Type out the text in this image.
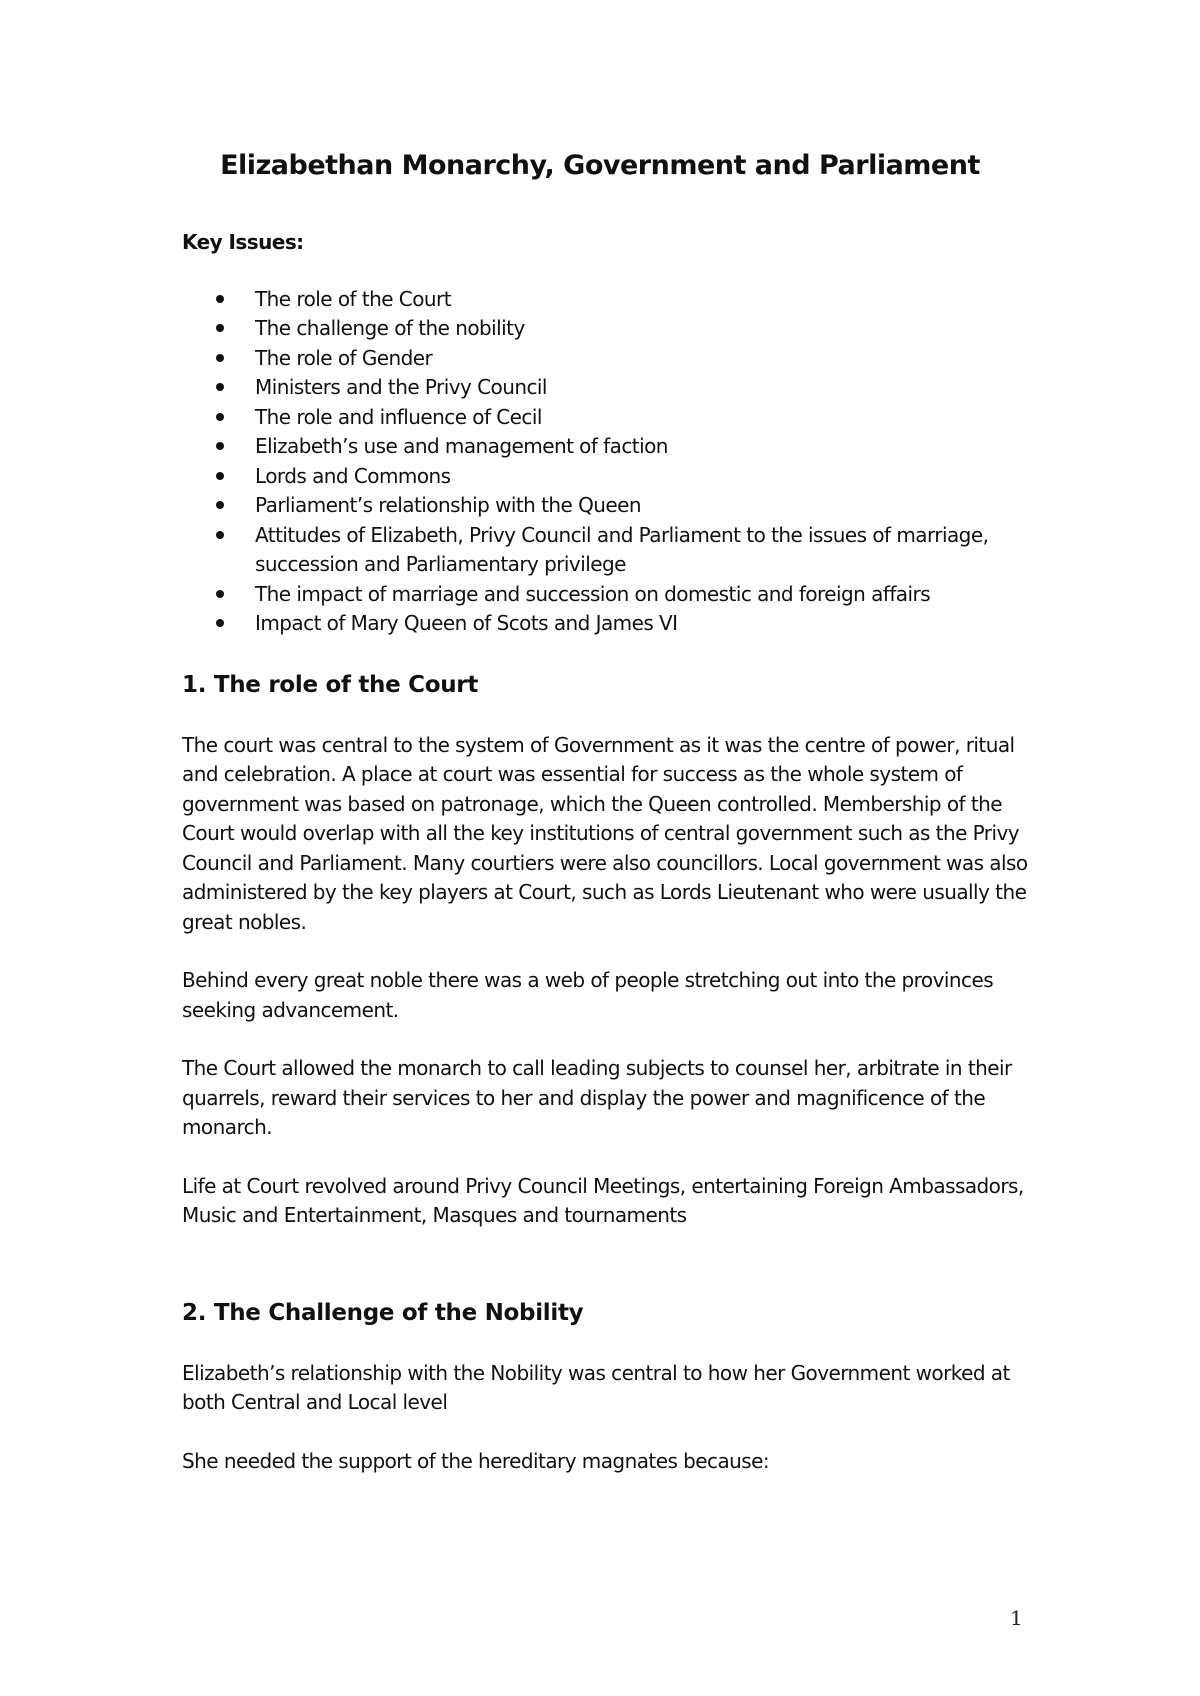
Elizabethan Monarchy, Government and Parliament
Key Issues:
The role of the Court
The challenge of the nobility
The role of Gender
Ministers and the Privy Council
The role and influence of Cecil
Elizabeth’s use and management of faction
Lords and Commons
Parliament’s relationship with the Queen
Attitudes of Elizabeth, Privy Council and Parliament to the issues of marriage, succession and Parliamentary privilege
The impact of marriage and succession on domestic and foreign affairs
Impact of Mary Queen of Scots and James VI
1. The role of the Court

The court was central to the system of Government as it was the centre of power, ritual and celebration. A place at court was essential for success as the whole system of government was based on patronage, which the Queen controlled. Membership of the Court would overlap with all the key institutions of central government such as the Privy Council and Parliament. Many courtiers were also councillors. Local government was also administered by the key players at Court, such as Lords Lieutenant who were usually the great nobles.

Behind every great noble there was a web of people stretching out into the provinces seeking advancement.

The Court allowed the monarch to call leading subjects to counsel her, arbitrate in their quarrels, reward their services to her and display the power and magnificence of the monarch.

Life at Court revolved around Privy Council Meetings, entertaining Foreign Ambassadors, Music and Entertainment, Masques and tournaments

2. The Challenge of the Nobility

Elizabeth’s relationship with the Nobility was central to how her Government worked at both Central and Local level

She needed the support of the hereditary magnates because:

1
